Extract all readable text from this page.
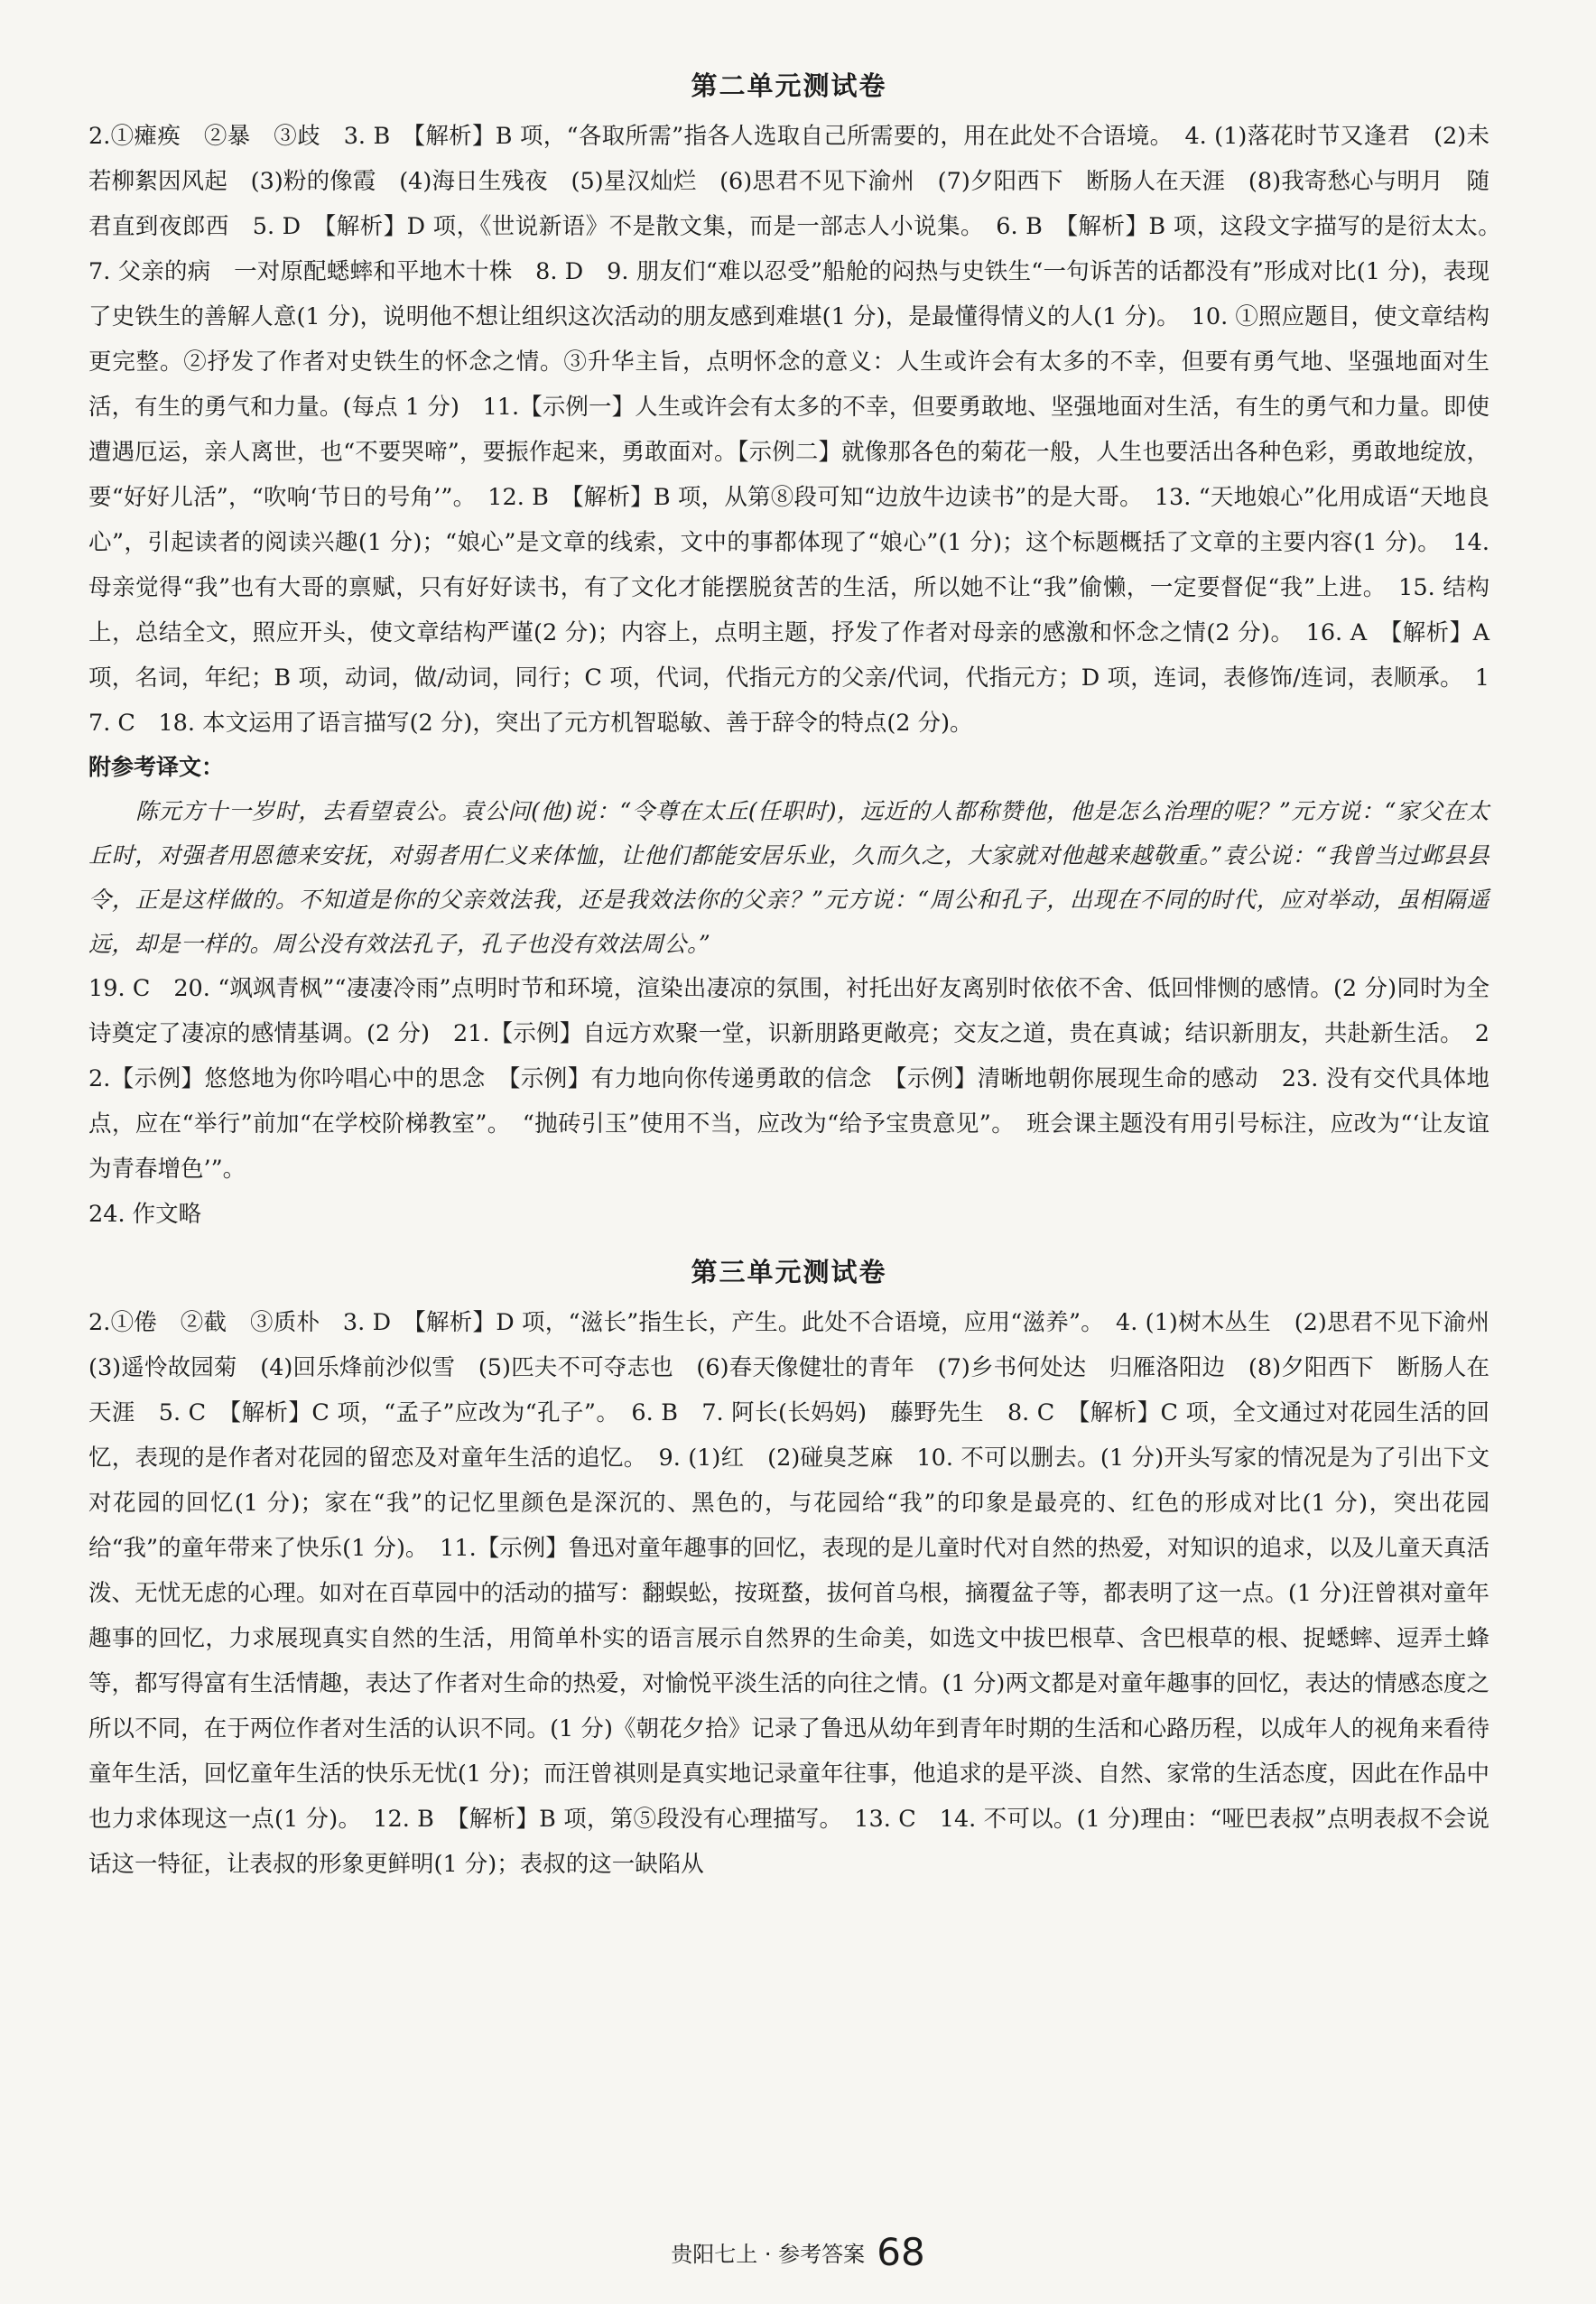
第二单元测试卷

2.①瘫痪　②暴　③歧　3. B　【解析】B 项，“各取所需”指各人选取自己所需要的，用在此处不合语境。　4. (1)落花时节又逢君　(2)未若柳絮因风起　(3)粉的像霞　(4)海日生残夜　(5)星汉灿烂　(6)思君不见下渝州　(7)夕阳西下　断肠人在天涯　(8)我寄愁心与明月　随君直到夜郎西　5. D　【解析】D 项，《世说新语》不是散文集，而是一部志人小说集。　6. B　【解析】B 项，这段文字描写的是衍太太。　7. 父亲的病　一对原配蟋蟀和平地木十株　8. D　9. 朋友们“难以忍受”船舱的闷热与史铁生“一句诉苦的话都没有”形成对比(1 分)，表现了史铁生的善解人意(1 分)，说明他不想让组织这次活动的朋友感到难堪(1 分)，是最懂得情义的人(1 分)。　10. ①照应题目，使文章结构更完整。②抒发了作者对史铁生的怀念之情。③升华主旨，点明怀念的意义：人生或许会有太多的不幸，但要有勇气地、坚强地面对生活，有生的勇气和力量。(每点 1 分)　11.【示例一】人生或许会有太多的不幸，但要勇敢地、坚强地面对生活，有生的勇气和力量。即使遭遇厄运，亲人离世，也“不要哭啼”，要振作起来，勇敢面对。【示例二】就像那各色的菊花一般，人生也要活出各种色彩，勇敢地绽放，要“好好儿活”，“吹响‘节日的号角’”。　12. B　【解析】B 项，从第⑧段可知“边放牛边读书”的是大哥。　13. “天地娘心”化用成语“天地良心”，引起读者的阅读兴趣(1 分)；“娘心”是文章的线索，文中的事都体现了“娘心”(1 分)；这个标题概括了文章的主要内容(1 分)。　14. 母亲觉得“我”也有大哥的禀赋，只有好好读书，有了文化才能摆脱贫苦的生活，所以她不让“我”偷懒，一定要督促“我”上进。　15. 结构上，总结全文，照应开头，使文章结构严谨(2 分)；内容上，点明主题，抒发了作者对母亲的感激和怀念之情(2 分)。　16. A　【解析】A 项，名词，年纪；B 项，动词，做/动词，同行；C 项，代词，代指元方的父亲/代词，代指元方；D 项，连词，表修饰/连词，表顺承。　17. C　18. 本文运用了语言描写(2 分)，突出了元方机智聪敏、善于辞令的特点(2 分)。

附参考译文：

陈元方十一岁时，去看望袁公。袁公问(他)说：“令尊在太丘(任职时)，远近的人都称赞他，他是怎么治理的呢？”元方说：“家父在太丘时，对强者用恩德来安抚，对弱者用仁义来体恤，让他们都能安居乐业，久而久之，大家就对他越来越敬重。”袁公说：“我曾当过邺县县令，正是这样做的。不知道是你的父亲效法我，还是我效法你的父亲？”元方说：“周公和孔子，出现在不同的时代，应对举动，虽相隔遥远，却是一样的。周公没有效法孔子，孔子也没有效法周公。”

19. C　20. “飒飒青枫”“凄凄冷雨”点明时节和环境，渲染出凄凉的氛围，衬托出好友离别时依依不舍、低回悱恻的感情。(2 分)同时为全诗奠定了凄凉的感情基调。(2 分)　21.【示例】自远方欢聚一堂，识新朋路更敞亮；交友之道，贵在真诚；结识新朋友，共赴新生活。　22.【示例】悠悠地为你吟唱心中的思念　【示例】有力地向你传递勇敢的信念　【示例】清晰地朝你展现生命的感动　23. 没有交代具体地点，应在“举行”前加“在学校阶梯教室”。　“抛砖引玉”使用不当，应改为“给予宝贵意见”。　班会课主题没有用引号标注，应改为“‘让友谊为青春增色’”。

24. 作文略

第三单元测试卷

2.①倦　②截　③质朴　3. D　【解析】D 项，“滋长”指生长，产生。此处不合语境，应用“滋养”。　4. (1)树木丛生　(2)思君不见下渝州　(3)遥怜故园菊　(4)回乐烽前沙似雪　(5)匹夫不可夺志也　(6)春天像健壮的青年　(7)乡书何处达　归雁洛阳边　(8)夕阳西下　断肠人在天涯　5. C　【解析】C 项，“孟子”应改为“孔子”。　6. B　7. 阿长(长妈妈)　藤野先生　8. C　【解析】C 项，全文通过对花园生活的回忆，表现的是作者对花园的留恋及对童年生活的追忆。　9. (1)红　(2)碰臭芝麻　10. 不可以删去。(1 分)开头写家的情况是为了引出下文对花园的回忆(1 分)；家在“我”的记忆里颜色是深沉的、黑色的，与花园给“我”的印象是最亮的、红色的形成对比(1 分)，突出花园给“我”的童年带来了快乐(1 分)。　11.【示例】鲁迅对童年趣事的回忆，表现的是儿童时代对自然的热爱，对知识的追求，以及儿童天真活泼、无忧无虑的心理。如对在百草园中的活动的描写：翻蜈蚣，按斑蝥，拔何首乌根，摘覆盆子等，都表明了这一点。(1 分)汪曾祺对童年趣事的回忆，力求展现真实自然的生活，用简单朴实的语言展示自然界的生命美，如选文中拔巴根草、含巴根草的根、捉蟋蟀、逗弄土蜂等，都写得富有生活情趣，表达了作者对生命的热爱，对愉悦平淡生活的向往之情。(1 分)两文都是对童年趣事的回忆，表达的情感态度之所以不同，在于两位作者对生活的认识不同。(1 分)《朝花夕拾》记录了鲁迅从幼年到青年时期的生活和心路历程，以成年人的视角来看待童年生活，回忆童年生活的快乐无忧(1 分)；而汪曾祺则是真实地记录童年往事，他追求的是平淡、自然、家常的生活态度，因此在作品中也力求体现这一点(1 分)。　12. B　【解析】B 项，第⑤段没有心理描写。　13. C　14. 不可以。(1 分)理由：“哑巴表叔”点明表叔不会说话这一特征，让表叔的形象更鲜明(1 分)；表叔的这一缺陷从

贵阳七上 · 参考答案 68
